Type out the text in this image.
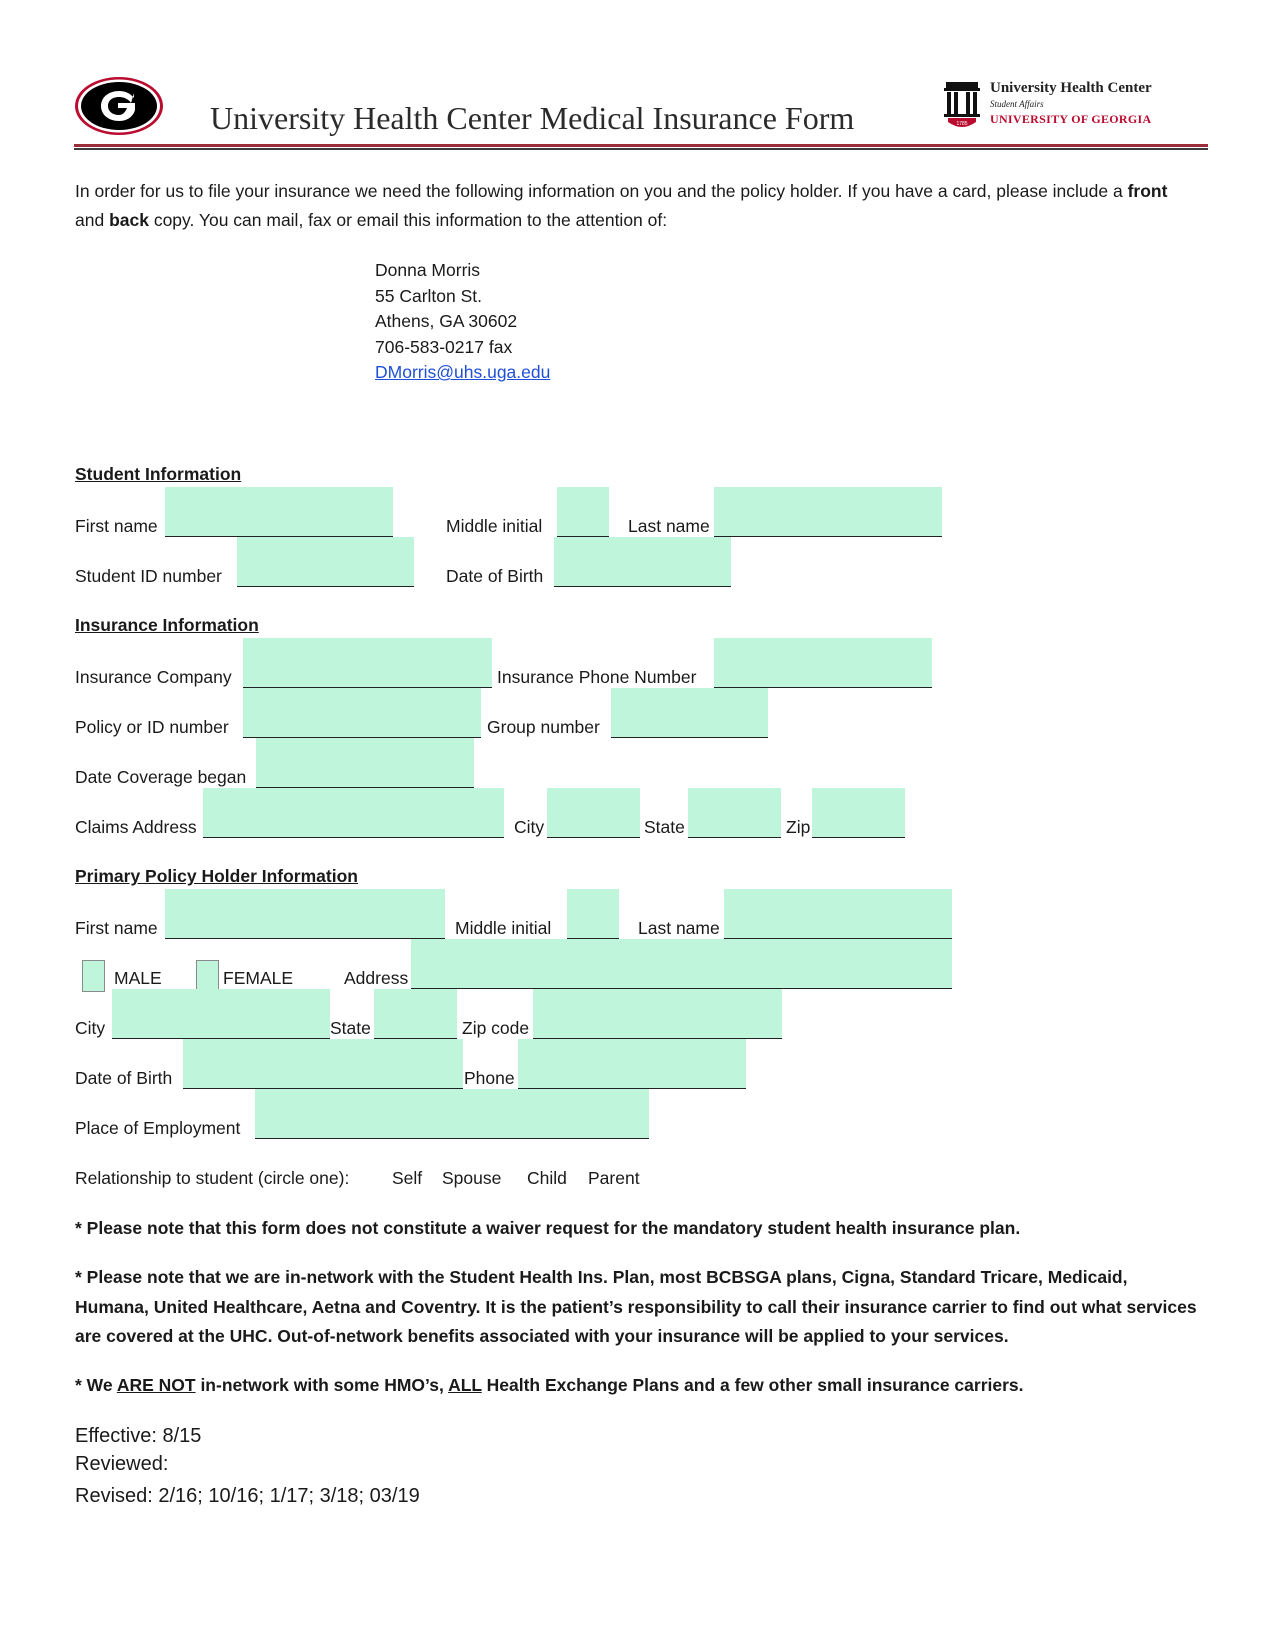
University Health Center Medical Insurance Form	1785
University Health Center
Student Affairs
UNIVERSITY OF GEORGIA
In order for us to file your insurance we need the following information on you and the policy holder. If you have a card, please include a front and back copy. You can mail, fax or email this information to the attention of:
Donna Morris
55 Carlton St.
Athens, GA 30602
706-583-0217 fax
DMorris@uhs.uga.edu
Student Information
First name	Middle initial	Last name
Student ID number	Date of Birth
Insurance Information
Insurance Company	Insurance Phone Number
Policy or ID number	Group number
Date Coverage began
Claims Address	City	State	Zip
Primary Policy Holder Information
First name	Middle initial	Last name
MALE	FEMALE	Address
City	State	Zip code
Date of Birth	Phone
Place of Employment
Relationship to student (circle one): Self Spouse Child Parent
* Please note that this form does not constitute a waiver request for the mandatory student health insurance plan.
* Please note that we are in-network with the Student Health Ins. Plan, most BCBSGA plans, Cigna, Standard Tricare, Medicaid, Humana, United Healthcare, Aetna and Coventry. It is the patient’s responsibility to call their insurance carrier to find out what services are covered at the UHC. Out-of-network benefits associated with your insurance will be applied to your services.
* We ARE NOT in-network with some HMO’s, ALL Health Exchange Plans and a few other small insurance carriers.
Effective: 8/15
Reviewed:
Revised: 2/16; 10/16; 1/17; 3/18; 03/19
